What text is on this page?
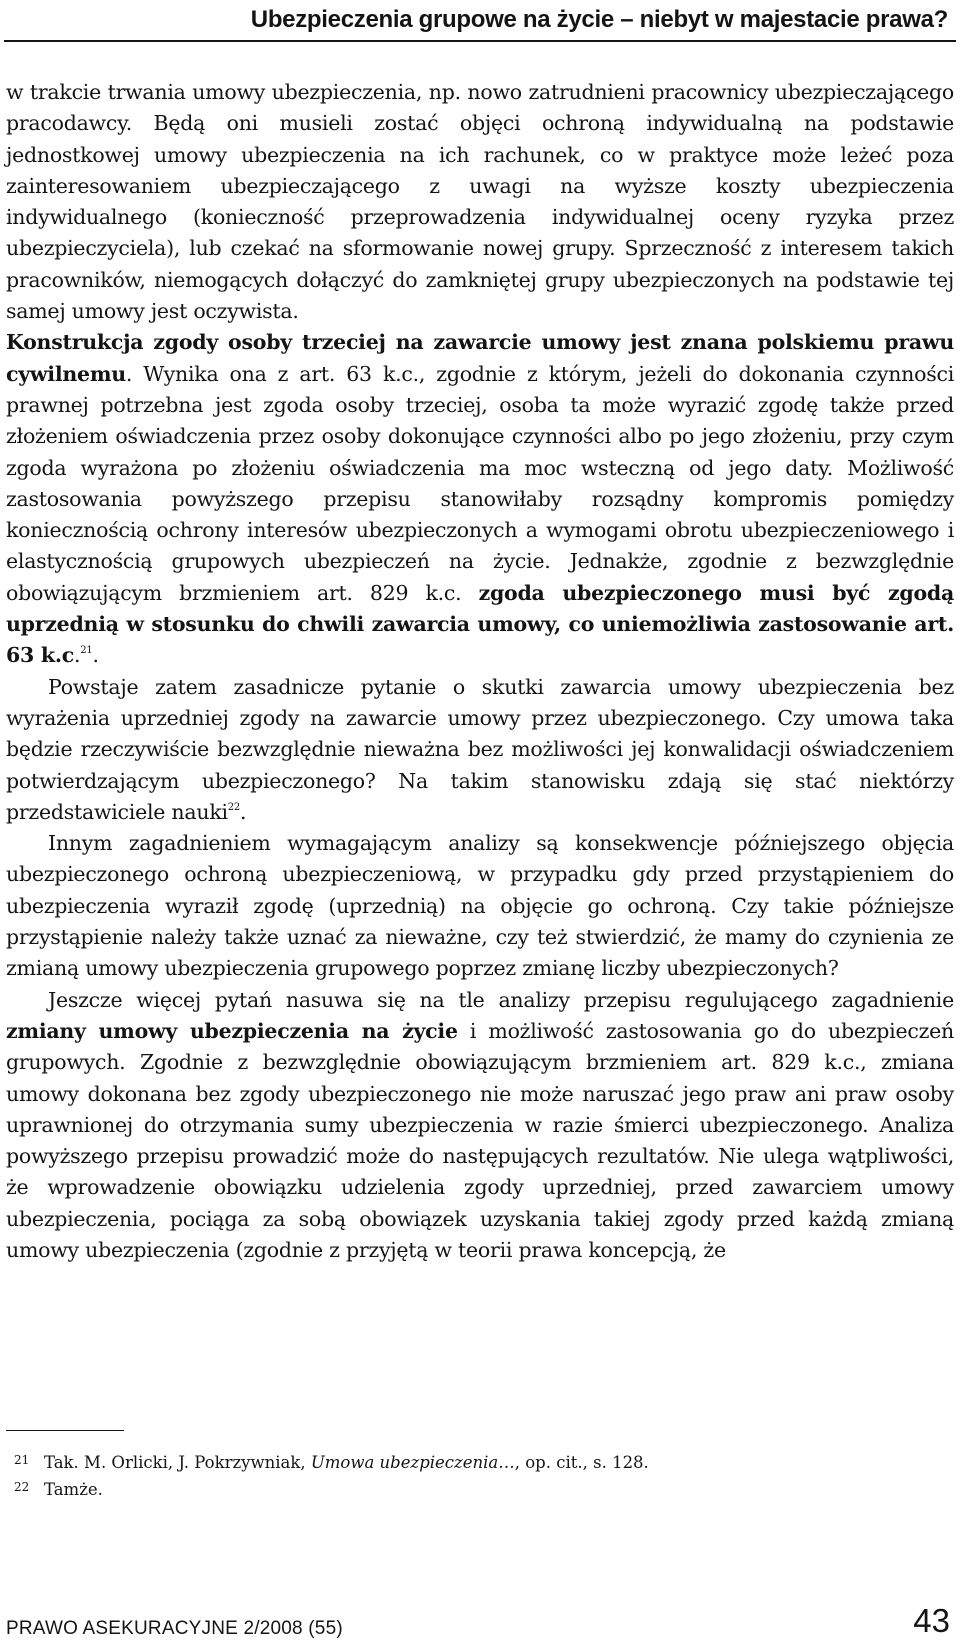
Ubezpieczenia grupowe na życie – niebyt w majestacie prawa?

w trakcie trwania umowy ubezpieczenia, np. nowo zatrudnieni pracownicy ubezpieczającego pracodawcy. Będą oni musieli zostać objęci ochroną indywidualną na podstawie jednostkowej umowy ubezpieczenia na ich rachunek, co w praktyce może leżeć poza zainteresowaniem ubezpieczającego z uwagi na wyższe koszty ubezpieczenia indywidualnego (konieczność przeprowadzenia indywidualnej oceny ryzyka przez ubezpieczyciela), lub czekać na sformowanie nowej grupy. Sprzeczność z interesem takich pracowników, niemogących dołączyć do zamkniętej grupy ubezpieczonych na podstawie tej samej umowy jest oczywista.

Konstrukcja zgody osoby trzeciej na zawarcie umowy jest znana polskiemu prawu cywilnemu. Wynika ona z art. 63 k.c., zgodnie z którym, jeżeli do dokonania czynności prawnej potrzebna jest zgoda osoby trzeciej, osoba ta może wyrazić zgodę także przed złożeniem oświadczenia przez osoby dokonujące czynności albo po jego złożeniu, przy czym zgoda wyrażona po złożeniu oświadczenia ma moc wsteczną od jego daty. Możliwość zastosowania powyższego przepisu stanowiłaby rozsądny kompromis pomiędzy koniecznością ochrony interesów ubezpieczonych a wymogami obrotu ubezpieczeniowego i elastycznością grupowych ubezpieczeń na życie. Jednakże, zgodnie z bezwzględnie obowiązującym brzmieniem art. 829 k.c. zgoda ubezpieczonego musi być zgodą uprzednią w stosunku do chwili zawarcia umowy, co uniemożliwia zastosowanie art. 63 k.c.$^{21}$.

Powstaje zatem zasadnicze pytanie o skutki zawarcia umowy ubezpieczenia bez wyrażenia uprzedniej zgody na zawarcie umowy przez ubezpieczonego. Czy umowa taka będzie rzeczywiście bezwzględnie nieważna bez możliwości jej konwalidacji oświadczeniem potwierdzającym ubezpieczonego? Na takim stanowisku zdają się stać niektórzy przedstawiciele nauki$^{22}$.

Innym zagadnieniem wymagającym analizy są konsekwencje późniejszego objęcia ubezpieczonego ochroną ubezpieczeniową, w przypadku gdy przed przystąpieniem do ubezpieczenia wyraził zgodę (uprzednią) na objęcie go ochroną. Czy takie późniejsze przystąpienie należy także uznać za nieważne, czy też stwierdzić, że mamy do czynienia ze zmianą umowy ubezpieczenia grupowego poprzez zmianę liczby ubezpieczonych?

Jeszcze więcej pytań nasuwa się na tle analizy przepisu regulującego zagadnienie zmiany umowy ubezpieczenia na życie i możliwość zastosowania go do ubezpieczeń grupowych. Zgodnie z bezwzględnie obowiązującym brzmieniem art. 829 k.c., zmiana umowy dokonana bez zgody ubezpieczonego nie może naruszać jego praw ani praw osoby uprawnionej do otrzymania sumy ubezpieczenia w razie śmierci ubezpieczonego. Analiza powyższego przepisu prowadzić może do następujących rezultatów. Nie ulega wątpliwości, że wprowadzenie obowiązku udzielenia zgody uprzedniej, przed zawarciem umowy ubezpieczenia, pociąga za sobą obowiązek uzyskania takiej zgody przed każdą zmianą umowy ubezpieczenia (zgodnie z przyjętą w teorii prawa koncepcją, że

21 Tak. M. Orlicki, J. Pokrzywniak, Umowa ubezpieczenia…, op. cit., s. 128.

22 Tamże.

PRAWO ASEKURACYJNE 2/2008 (55)	43
